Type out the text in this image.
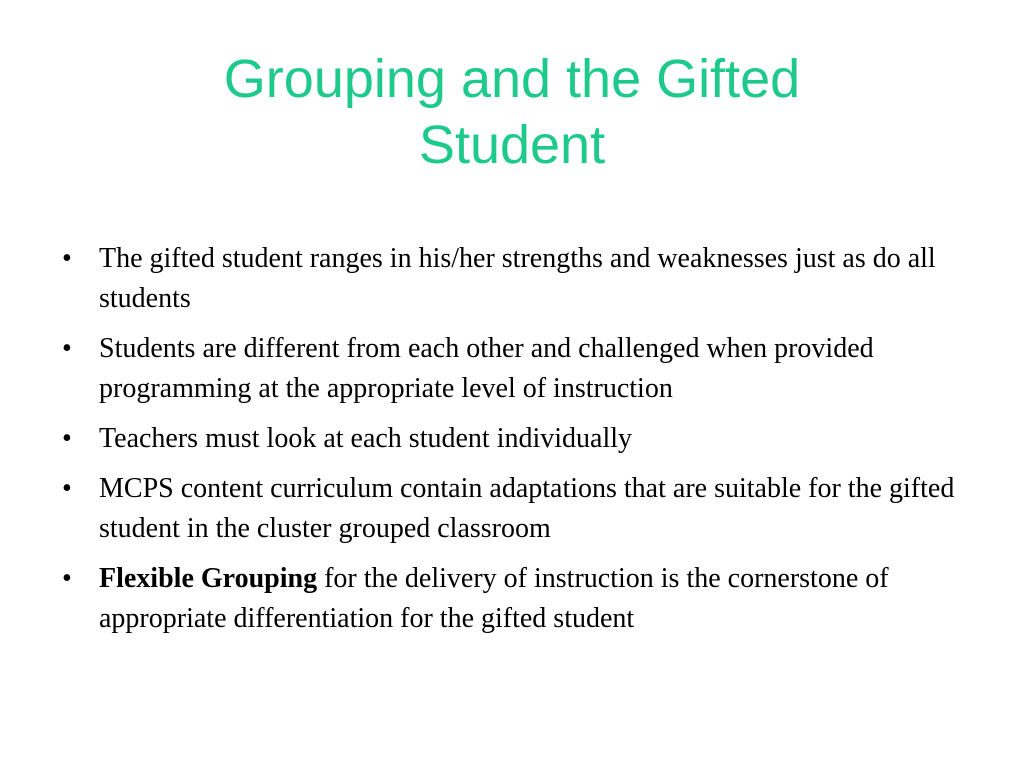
Grouping and the Gifted
Student
• The gifted student ranges in his/her strengths and weaknesses just as do all students
• Students are different from each other and challenged when provided programming at the appropriate level of instruction
• Teachers must look at each student individually
• MCPS content curriculum contain adaptations that are suitable for the gifted student in the cluster grouped classroom
• Flexible Grouping for the delivery of instruction is the cornerstone of appropriate differentiation for the gifted student
